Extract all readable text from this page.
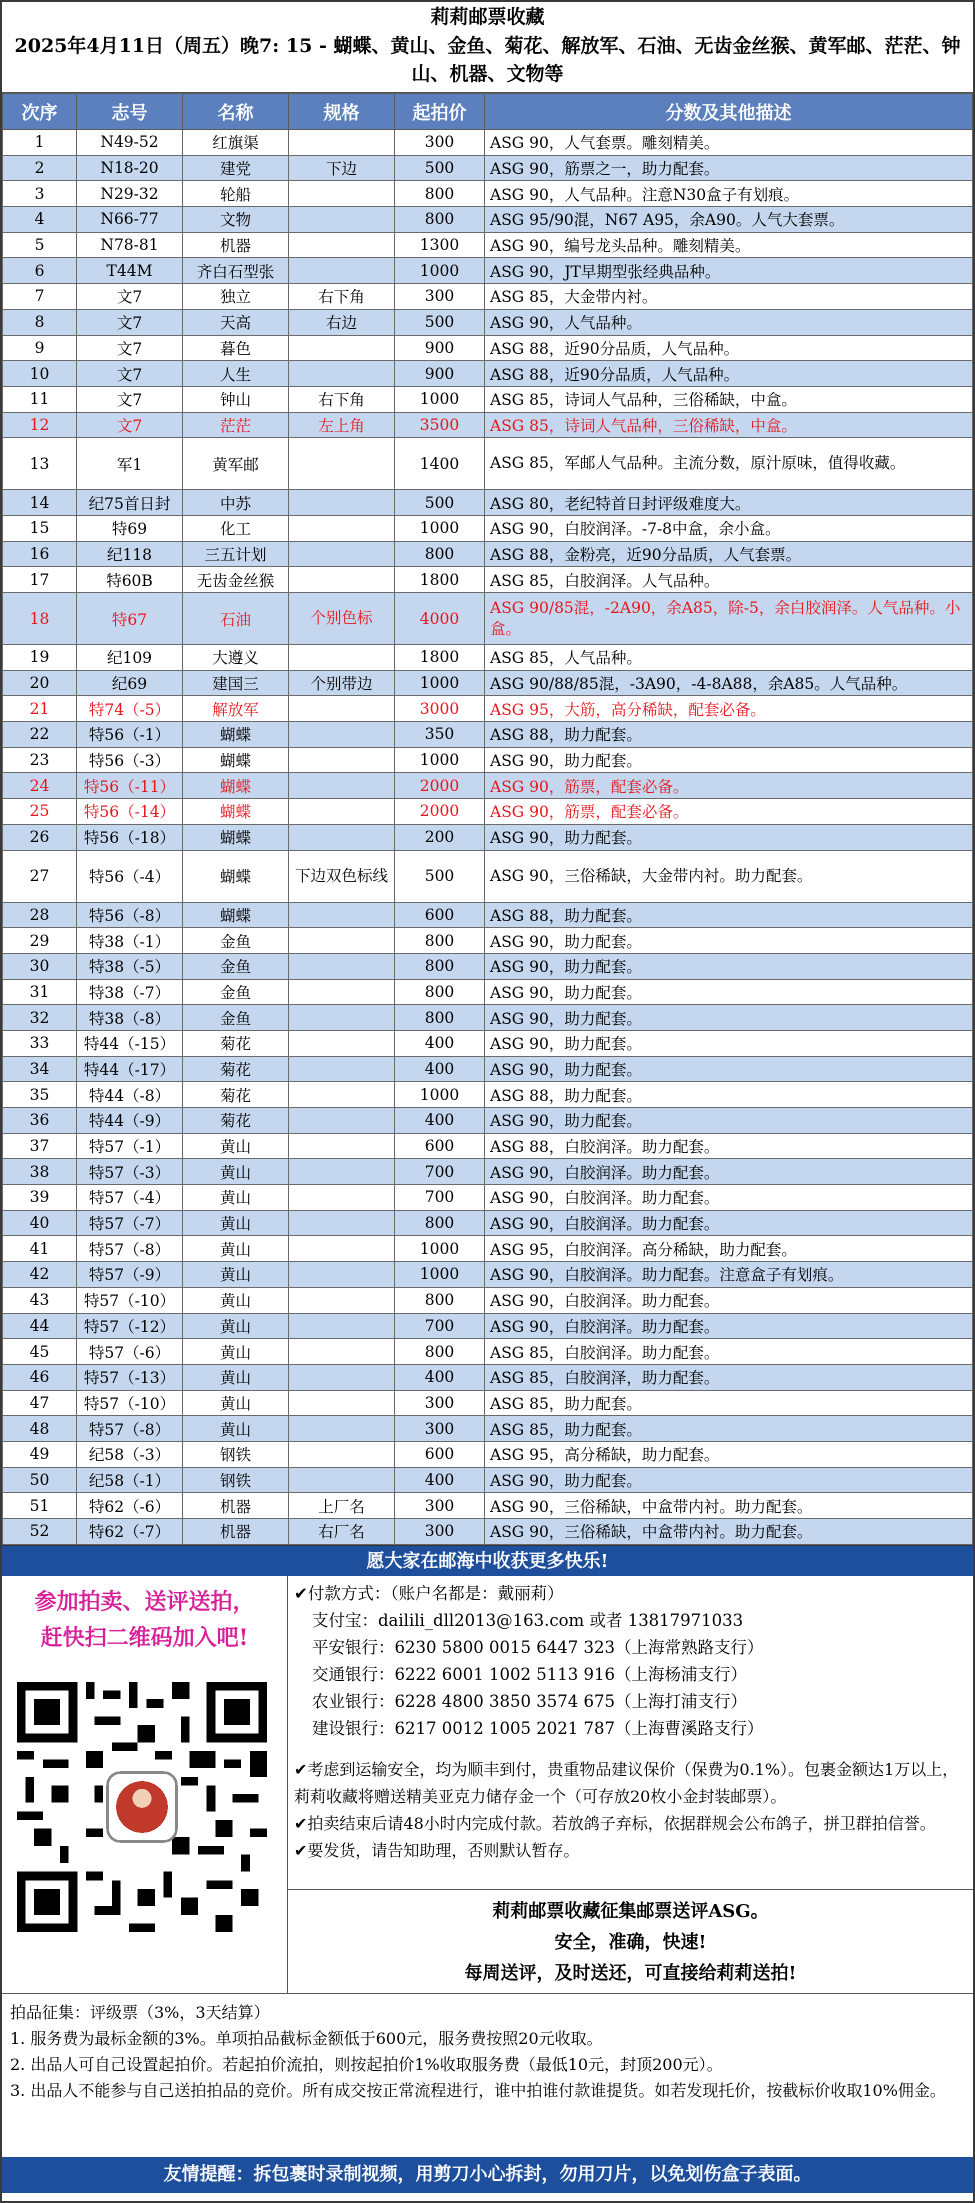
莉莉邮票收藏
2025年4月11日（周五）晚7: 15 - 蝴蝶、黄山、金鱼、菊花、解放军、石油、无齿金丝猴、黄军邮、茫茫、钟山、机器、文物等
次序	志号	名称	规格	起拍价	分数及其他描述
1	N49-52	红旗渠		300	ASG 90，人气套票。雕刻精美。
2	N18-20	建党	下边	500	ASG 90，筋票之一，助力配套。
3	N29-32	轮船		800	ASG 90，人气品种。注意N30盒子有划痕。
4	N66-77	文物		800	ASG 95/90混，N67 A95，余A90。人气大套票。
5	N78-81	机器		1300	ASG 90，编号龙头品种。雕刻精美。
6	T44M	齐白石型张		1000	ASG 90，JT早期型张经典品种。
7	文7	独立	右下角	300	ASG 85，大金带内衬。
8	文7	天高	右边	500	ASG 90，人气品种。
9	文7	暮色		900	ASG 88，近90分品质，人气品种。
10	文7	人生		900	ASG 88，近90分品质，人气品种。
11	文7	钟山	右下角	1000	ASG 85，诗词人气品种，三俗稀缺，中盒。
12	文7	茫茫	左上角	3500	ASG 85，诗词人气品种，三俗稀缺，中盒。
13	军1	黄军邮		1400	ASG 85，军邮人气品种。主流分数，原汁原味，值得收藏。
14	纪75首日封	中苏		500	ASG 80，老纪特首日封评级难度大。
15	特69	化工		1000	ASG 90，白胶润泽。-7-8中盒，余小盒。
16	纪118	三五计划		800	ASG 88，金粉亮，近90分品质，人气套票。
17	特60B	无齿金丝猴		1800	ASG 85，白胶润泽。人气品种。
18	特67	石油	个别色标	4000	ASG 90/85混，-2A90，余A85，除-5，余白胶润泽。人气品种。小盒。
19	纪109	大遵义		1800	ASG 85，人气品种。
20	纪69	建国三	个别带边	1000	ASG 90/88/85混，-3A90，-4-8A88，余A85。人气品种。
21	特74（-5）	解放军		3000	ASG 95，大筋，高分稀缺，配套必备。
22	特56（-1）	蝴蝶		350	ASG 88，助力配套。
23	特56（-3）	蝴蝶		1000	ASG 90，助力配套。
24	特56（-11）	蝴蝶		2000	ASG 90，筋票，配套必备。
25	特56（-14）	蝴蝶		2000	ASG 90，筋票，配套必备。
26	特56（-18）	蝴蝶		200	ASG 90，助力配套。
27	特56（-4）	蝴蝶	下边双色标线	500	ASG 90，三俗稀缺，大金带内衬。助力配套。
28	特56（-8）	蝴蝶		600	ASG 88，助力配套。
29	特38（-1）	金鱼		800	ASG 90，助力配套。
30	特38（-5）	金鱼		800	ASG 90，助力配套。
31	特38（-7）	金鱼		800	ASG 90，助力配套。
32	特38（-8）	金鱼		800	ASG 90，助力配套。
33	特44（-15）	菊花		400	ASG 90，助力配套。
34	特44（-17）	菊花		400	ASG 90，助力配套。
35	特44（-8）	菊花		1000	ASG 88，助力配套。
36	特44（-9）	菊花		400	ASG 90，助力配套。
37	特57（-1）	黄山		600	ASG 88，白胶润泽。助力配套。
38	特57（-3）	黄山		700	ASG 90，白胶润泽。助力配套。
39	特57（-4）	黄山		700	ASG 90，白胶润泽。助力配套。
40	特57（-7）	黄山		800	ASG 90，白胶润泽。助力配套。
41	特57（-8）	黄山		1000	ASG 95，白胶润泽。高分稀缺，助力配套。
42	特57（-9）	黄山		1000	ASG 90，白胶润泽。助力配套。注意盒子有划痕。
43	特57（-10）	黄山		800	ASG 90，白胶润泽。助力配套。
44	特57（-12）	黄山		700	ASG 90，白胶润泽。助力配套。
45	特57（-6）	黄山		800	ASG 85，白胶润泽。助力配套。
46	特57（-13）	黄山		400	ASG 85，白胶润泽，助力配套。
47	特57（-10）	黄山		300	ASG 85，助力配套。
48	特57（-8）	黄山		300	ASG 85，助力配套。
49	纪58（-3）	钢铁		600	ASG 95，高分稀缺，助力配套。
50	纪58（-1）	钢铁		400	ASG 90，助力配套。
51	特62（-6）	机器	上厂名	300	ASG 90，三俗稀缺，中盒带内衬。助力配套。
52	特62（-7）	机器	右厂名	300	ASG 90，三俗稀缺，中盒带内衬。助力配套。
愿大家在邮海中收获更多快乐!
参加拍卖、送评送拍，
赶快扫二维码加入吧!
✔付款方式：（账户名都是：戴丽莉）
支付宝：dailili_dll2013@163.com 或者 13817971033
平安银行：6230 5800 0015 6447 323（上海常熟路支行）
交通银行：6222 6001 1002 5113 916（上海杨浦支行）
农业银行：6228 4800 3850 3574 675（上海打浦支行）
建设银行：6217 0012 1005 2021 787（上海曹溪路支行）
✔考虑到运输安全，均为顺丰到付，贵重物品建议保价（保费为0.1%）。包裹金额达1万以上，莉莉收藏将赠送精美亚克力储存金一个（可存放20枚小金封装邮票）。
✔拍卖结束后请48小时内完成付款。若放鸽子弃标，依据群规会公布鸽子，拼卫群拍信誉。
✔要发货，请告知助理，否则默认暂存。
莉莉邮票收藏征集邮票送评ASG。
安全，准确，快速!
每周送评，及时送还，可直接给莉莉送拍!
拍品征集：评级票（3%，3天结算）
1. 服务费为最标金额的3%。单项拍品截标金额低于600元，服务费按照20元收取。
2. 出品人可自己设置起拍价。若起拍价流拍，则按起拍价1%收取服务费（最低10元，封顶200元）。
3. 出品人不能参与自己送拍拍品的竞价。所有成交按正常流程进行，谁中拍谁付款谁提货。如若发现托价，按截标价收取10%佣金。
友情提醒：拆包裹时录制视频，用剪刀小心拆封，勿用刀片，以免划伤盒子表面。
